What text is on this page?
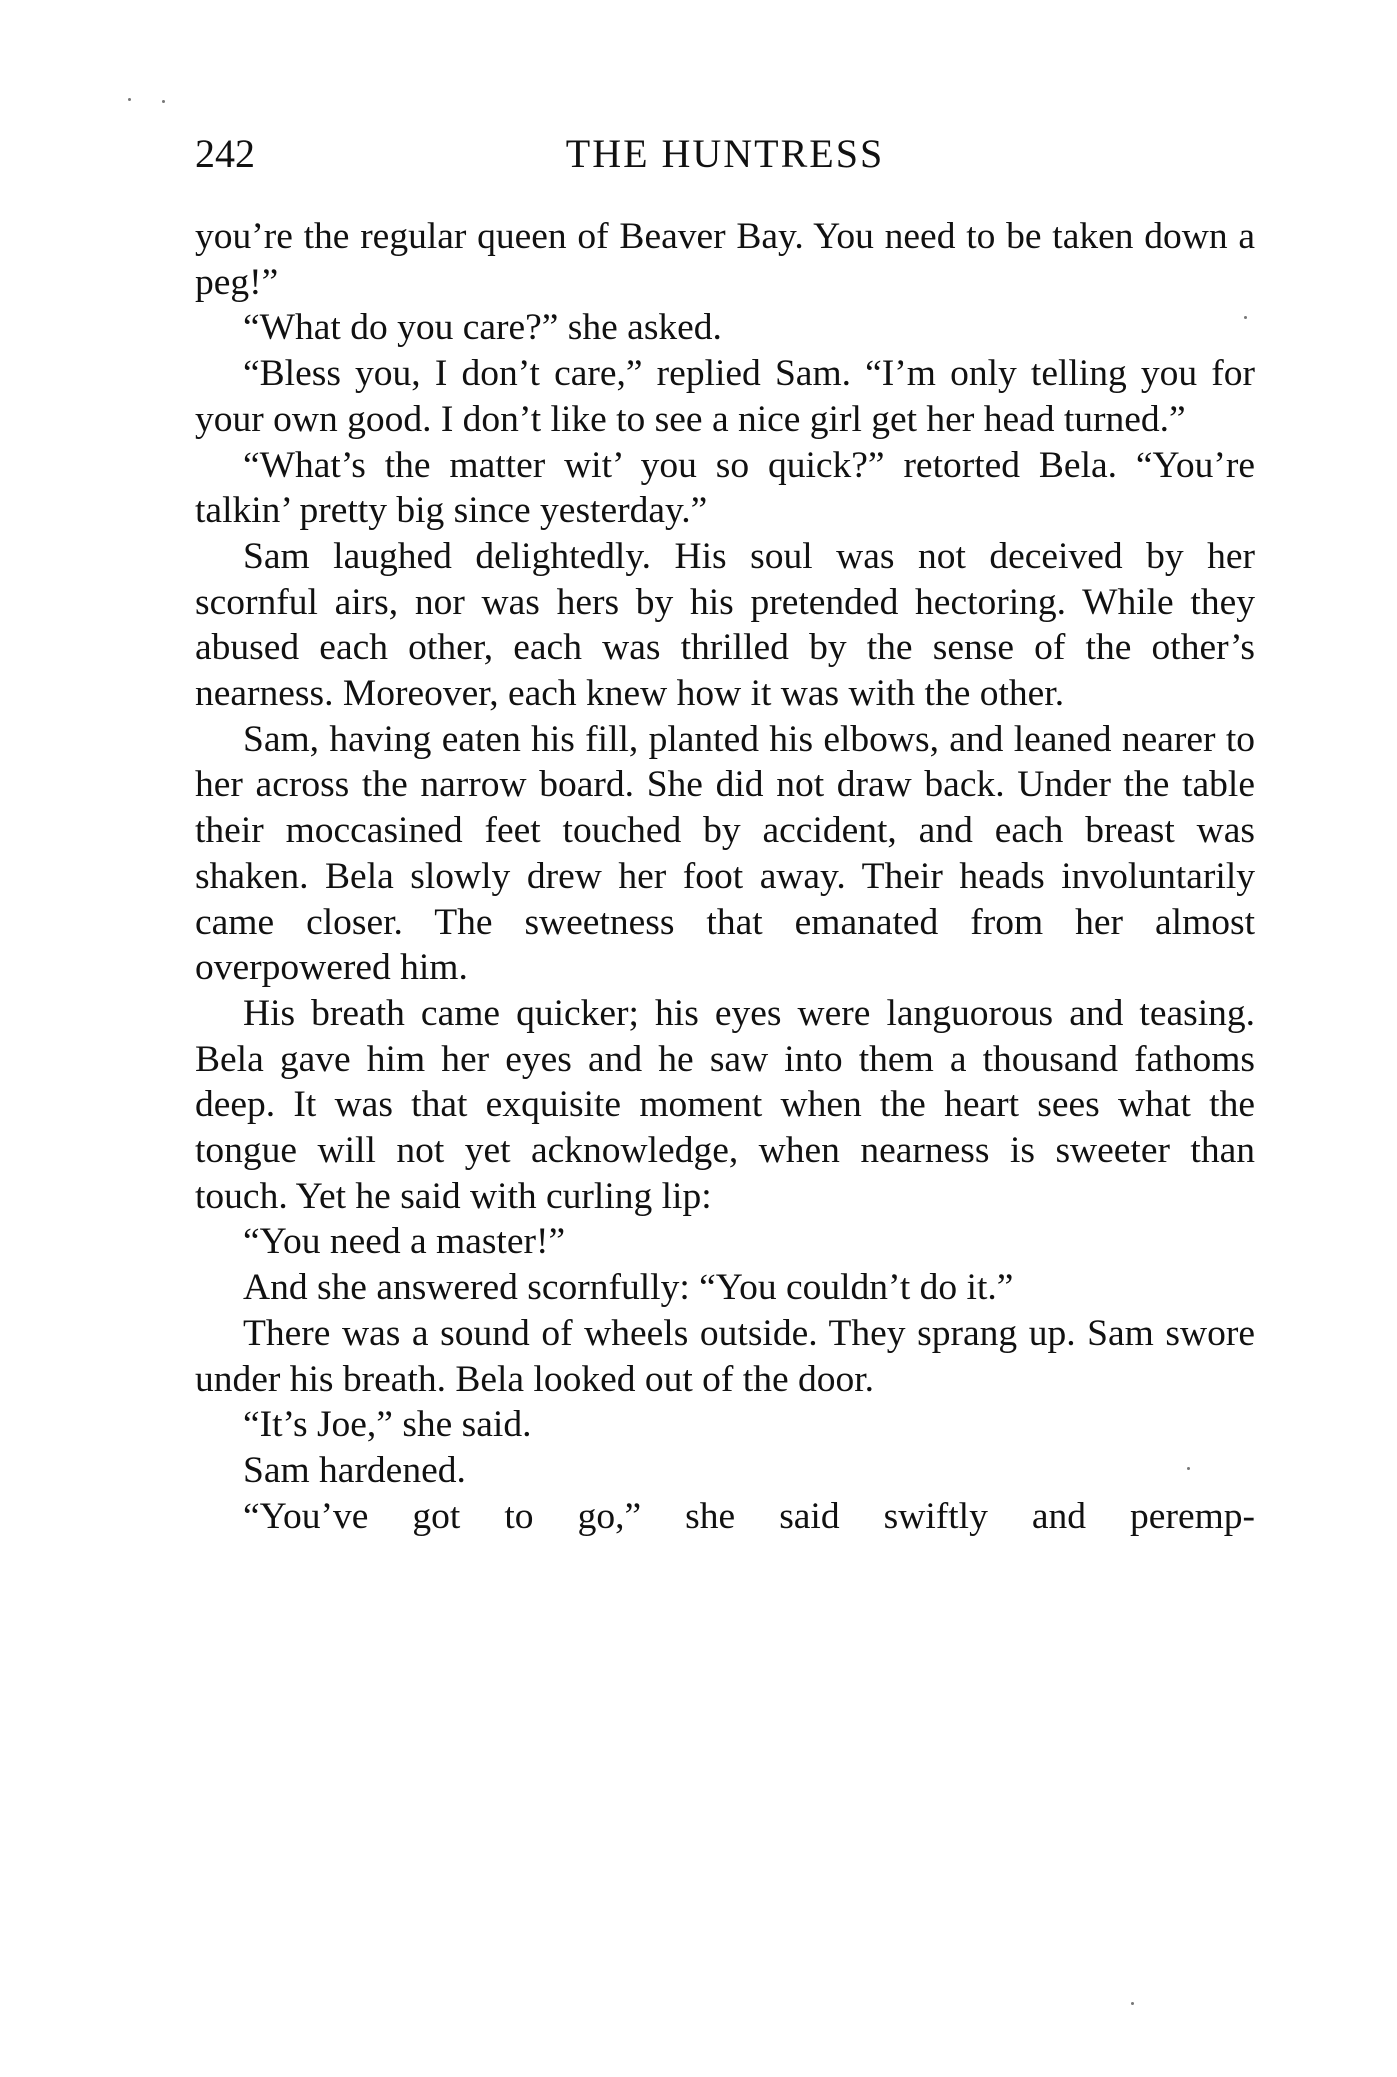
242	THE HUNTRESS

you’re the regular queen of Beaver Bay. You need to be taken down a peg!”

“What do you care?” she asked.

“Bless you, I don’t care,” replied Sam. “I’m only telling you for your own good. I don’t like to see a nice girl get her head turned.”

“What’s the matter wit’ you so quick?” retorted Bela. “You’re talkin’ pretty big since yesterday.”

Sam laughed delightedly. His soul was not deceived by her scornful airs, nor was hers by his pretended hectoring. While they abused each other, each was thrilled by the sense of the other’s nearness. Moreover, each knew how it was with the other.

Sam, having eaten his fill, planted his elbows, and leaned nearer to her across the narrow board. She did not draw back. Under the table their moccasined feet touched by accident, and each breast was shaken. Bela slowly drew her foot away. Their heads involuntarily came closer. The sweetness that emanated from her almost overpowered him.

His breath came quicker; his eyes were languorous and teasing. Bela gave him her eyes and he saw into them a thousand fathoms deep. It was that exquisite moment when the heart sees what the tongue will not yet acknowledge, when nearness is sweeter than touch. Yet he said with curling lip:

“You need a master!”

And she answered scornfully: “You couldn’t do it.”

There was a sound of wheels outside. They sprang up. Sam swore under his breath. Bela looked out of the door.

“It’s Joe,” she said.

Sam hardened.

“You’ve got to go,” she said swiftly and peremp-
